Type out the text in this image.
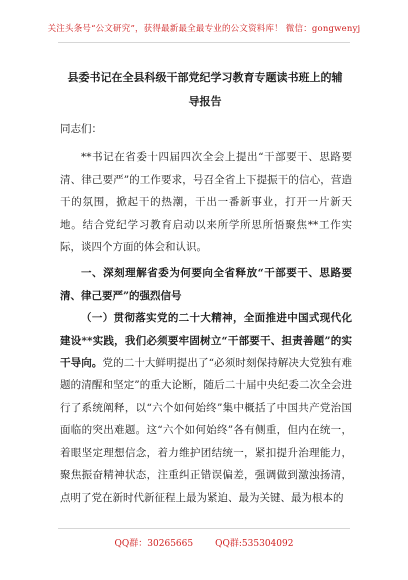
关注头条号“公文研究”，获得最新最全最专业的公文资料库！ 微信：gongwenyj
县委书记在全县科级干部党纪学习教育专题读书班上的辅
导报告

同志们：

**书记在省委十四届四次全会上提出“干部要干、思路要清、律己要严”的工作要求，号召全省上下提振干的信心，营造干的氛围，掀起干的热潮，干出一番新事业，打开一片新天地。结合党纪学习教育启动以来所学所思所悟聚焦**工作实际，谈四个方面的体会和认识。

一、深刻理解省委为何要向全省释放“干部要干、思路要清、律己要严”的强烈信号

（一）贯彻落实党的二十大精神，全面推进中国式现代化建设**实践，我们必须要牢固树立“干部要干、担责善题”的实干导向。党的二十大鲜明提出了“必须时刻保持解决大党独有难题的清醒和坚定”的重大论断，随后二十届中央纪委二次全会进行了系统阐释，以“六个如何始终”集中概括了中国共产党治国面临的突出难题。这“六个如何始终”各有侧重，但内在统一，着眼坚定理想信念，着力维护团结统一，紧扣提升治理能力，聚焦振奋精神状态，注重纠正错误偏差，强调做到激浊扬清，点明了党在新时代新征程上最为紧迫、最为关键、最为根本的

QQ群：30265665 QQ群:535304092
